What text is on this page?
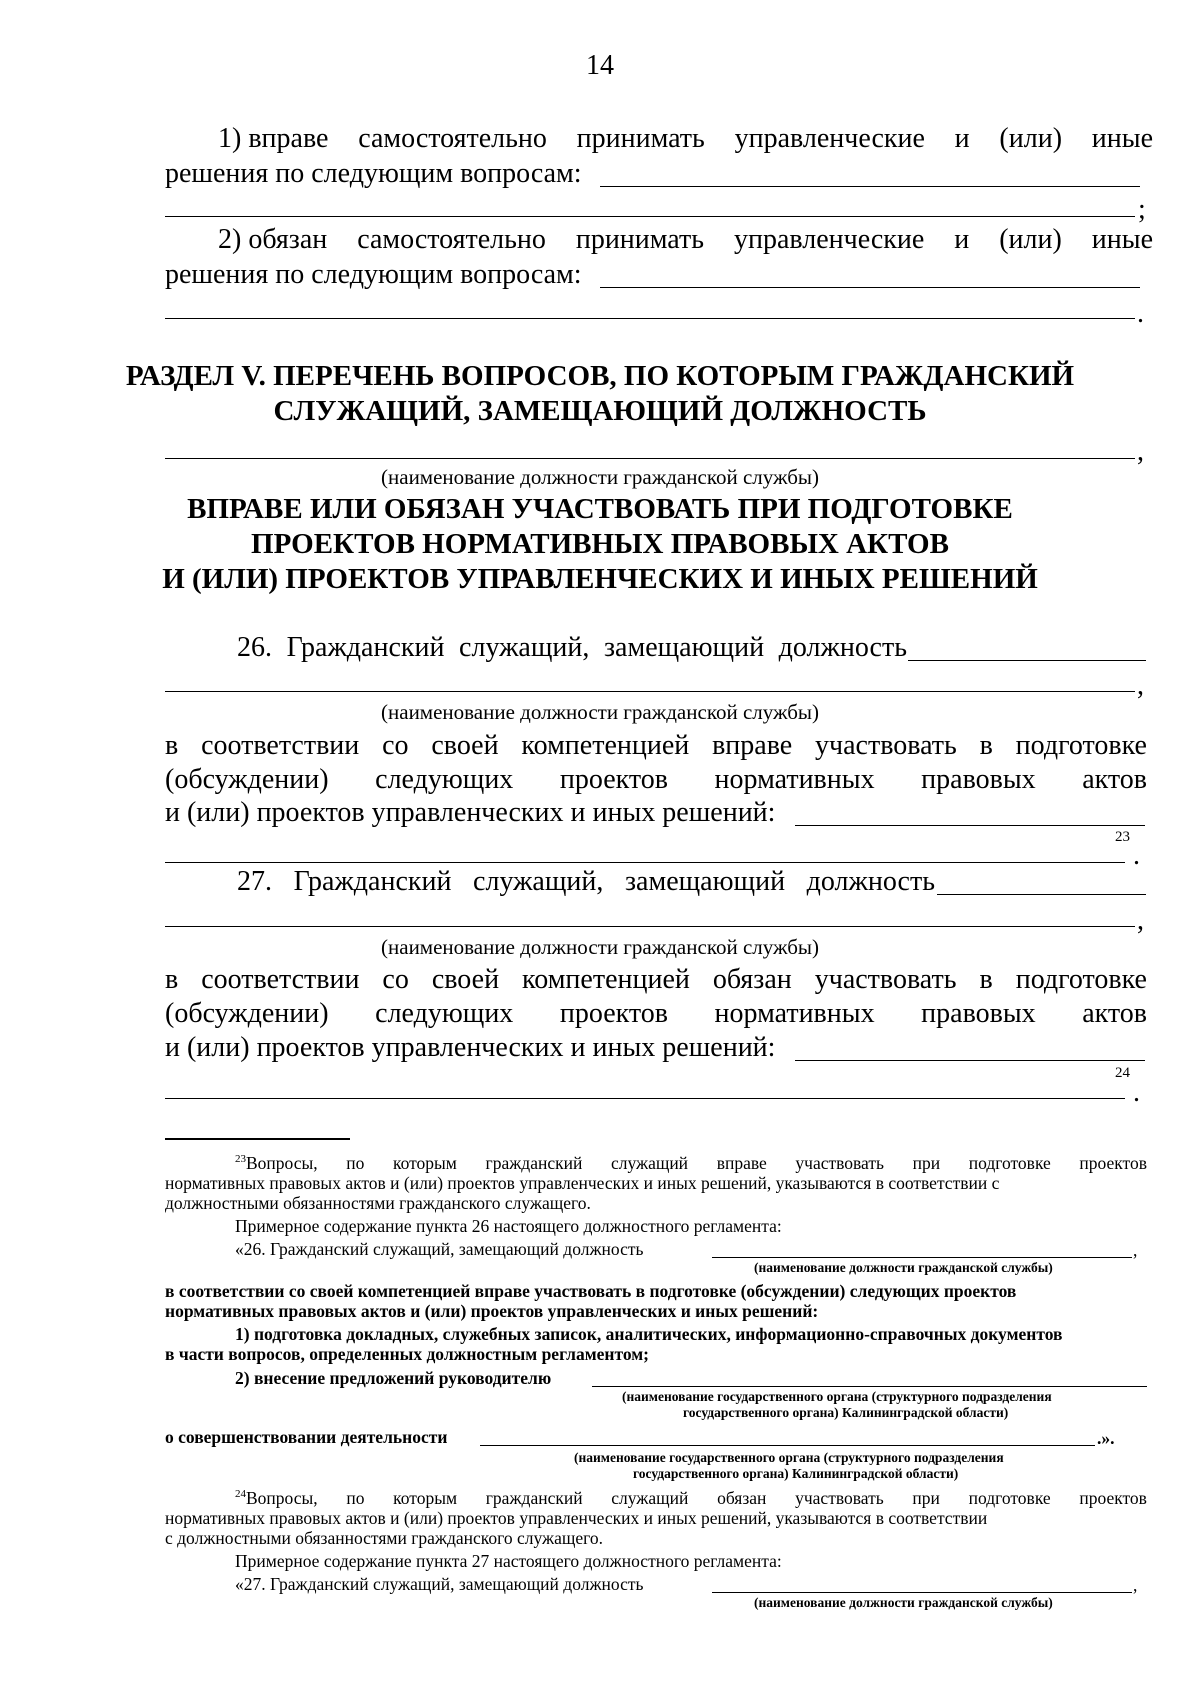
14
1) вправе самостоятельно принимать управленческие и (или) иные
решения по следующим вопросам:
;
2) обязан самостоятельно принимать управленческие и (или) иные
решения по следующим вопросам:
.
РАЗДЕЛ V. ПЕРЕЧЕНЬ ВОПРОСОВ, ПО КОТОРЫМ ГРАЖДАНСКИЙ
СЛУЖАЩИЙ, ЗАМЕЩАЮЩИЙ ДОЛЖНОСТЬ
,
(наименование должности гражданской службы)
ВПРАВЕ ИЛИ ОБЯЗАН УЧАСТВОВАТЬ ПРИ ПОДГОТОВКЕ
ПРОЕКТОВ НОРМАТИВНЫХ ПРАВОВЫХ АКТОВ
И (ИЛИ) ПРОЕКТОВ УПРАВЛЕНЧЕСКИХ И ИНЫХ РЕШЕНИЙ
26. Гражданский служащий, замещающий должность
,
(наименование должности гражданской службы)
в соответствии со своей компетенцией вправе участвовать в подготовке
(обсуждении) следующих проектов нормативных правовых актов
и (или) проектов управленческих и иных решений:
23
.
27. Гражданский служащий, замещающий должность
,
(наименование должности гражданской службы)
в соответствии со своей компетенцией обязан участвовать в подготовке
(обсуждении) следующих проектов нормативных правовых актов
и (или) проектов управленческих и иных решений:
24
.
$^{23}$Вопросы, по которым гражданский служащий вправе участвовать при подготовке проектов
нормативных правовых актов и (или) проектов управленческих и иных решений, указываются в соответствии с
должностными обязанностями гражданского служащего.
Примерное содержание пункта 26 настоящего должностного регламента:
«26. Гражданский служащий, замещающий должность	,
(наименование должности гражданской службы)
в соответствии со своей компетенцией вправе участвовать в подготовке (обсуждении) следующих проектов
нормативных правовых актов и (или) проектов управленческих и иных решений:
1) подготовка докладных, служебных записок, аналитических, информационно-справочных документов
в части вопросов, определенных должностным регламентом;
2) внесение предложений руководителю
(наименование государственного органа (структурного подразделения
государственного органа) Калининградской области)
о совершенствовании деятельности	.».
(наименование государственного органа (структурного подразделения
государственного органа) Калининградской области)
$^{24}$Вопросы, по которым гражданский служащий обязан участвовать при подготовке проектов
нормативных правовых актов и (или) проектов управленческих и иных решений, указываются в соответствии
с должностными обязанностями гражданского служащего.
Примерное содержание пункта 27 настоящего должностного регламента:
«27. Гражданский служащий, замещающий должность	,
(наименование должности гражданской службы)
